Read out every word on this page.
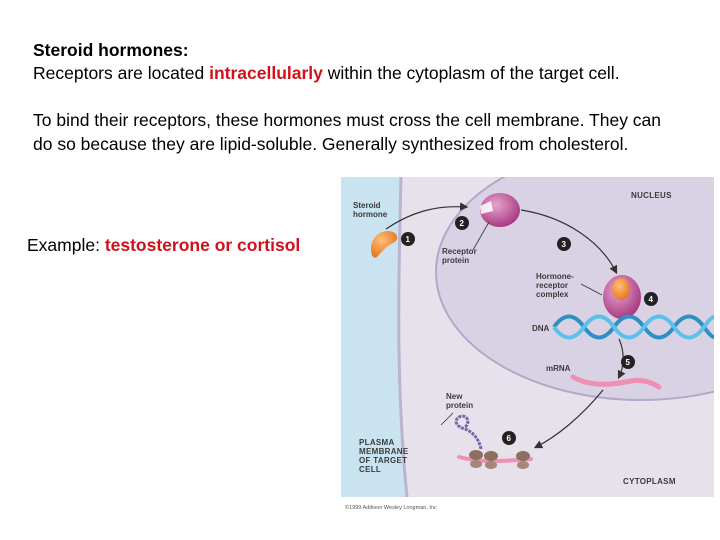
Steroid hormones:
Receptors are located intracellularly within the cytoplasm of the target cell.
To bind their receptors, these hormones must cross the cell membrane. They can do so because they are lipid-soluble. Generally synthesized from cholesterol.
Example: testosterone or cortisol
Steroid
hormone
NUCLEUS
Receptor
protein
Hormone-
receptor
complex
DNA
mRNA
New
protein
PLASMA
MEMBRANE
OF TARGET
CELL
CYTOPLASM
1
2
3
4
5
6
©1999 Addison Wesley Longman, Inc
